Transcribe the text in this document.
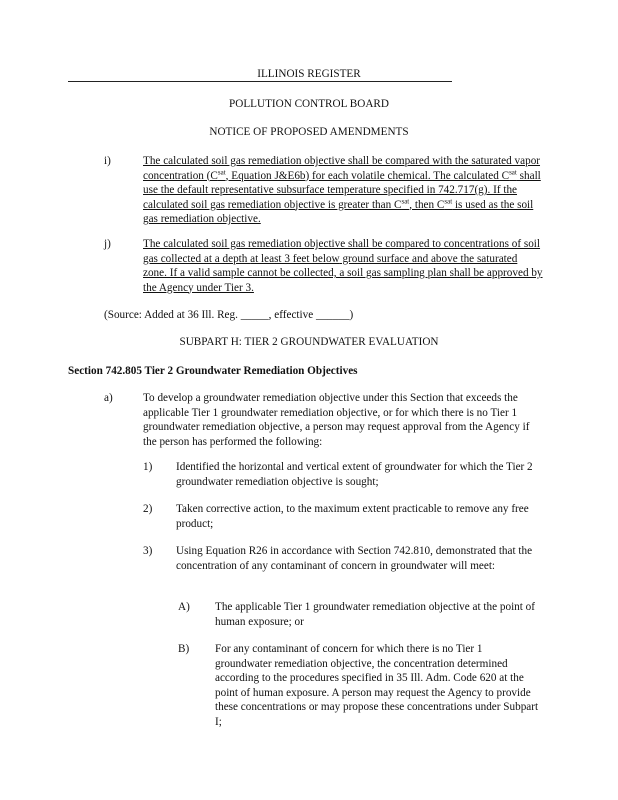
ILLINOIS REGISTER

POLLUTION CONTROL BOARD

NOTICE OF PROPOSED AMENDMENTS

i)	The calculated soil gas remediation objective shall be compared with the saturated vapor concentration ($C^{sat}$, Equation J&E6b) for each volatile chemical. The calculated $C^{sat}$ shall use the default representative subsurface temperature specified in 742.717(g). If the calculated soil gas remediation objective is greater than $C^{sat}$, then $C^{sat}$ is used as the soil gas remediation objective.

j)	The calculated soil gas remediation objective shall be compared to concentrations of soil gas collected at a depth at least 3 feet below ground surface and above the saturated zone. If a valid sample cannot be collected, a soil gas sampling plan shall be approved by the Agency under Tier 3.

(Source: Added at 36 Ill. Reg. _____, effective ______)

SUBPART H: TIER 2 GROUNDWATER EVALUATION

Section 742.805 Tier 2 Groundwater Remediation Objectives

a)	To develop a groundwater remediation objective under this Section that exceeds the applicable Tier 1 groundwater remediation objective, or for which there is no Tier 1 groundwater remediation objective, a person may request approval from the Agency if the person has performed the following:

1) Identified the horizontal and vertical extent of groundwater for which the Tier 2 groundwater remediation objective is sought;

2) Taken corrective action, to the maximum extent practicable to remove any free product;

3) Using Equation R26 in accordance with Section 742.810, demonstrated that the concentration of any contaminant of concern in groundwater will meet:

A) The applicable Tier 1 groundwater remediation objective at the point of human exposure; or

B) For any contaminant of concern for which there is no Tier 1 groundwater remediation objective, the concentration determined according to the procedures specified in 35 Ill. Adm. Code 620 at the point of human exposure. A person may request the Agency to provide these concentrations or may propose these concentrations under Subpart I;
